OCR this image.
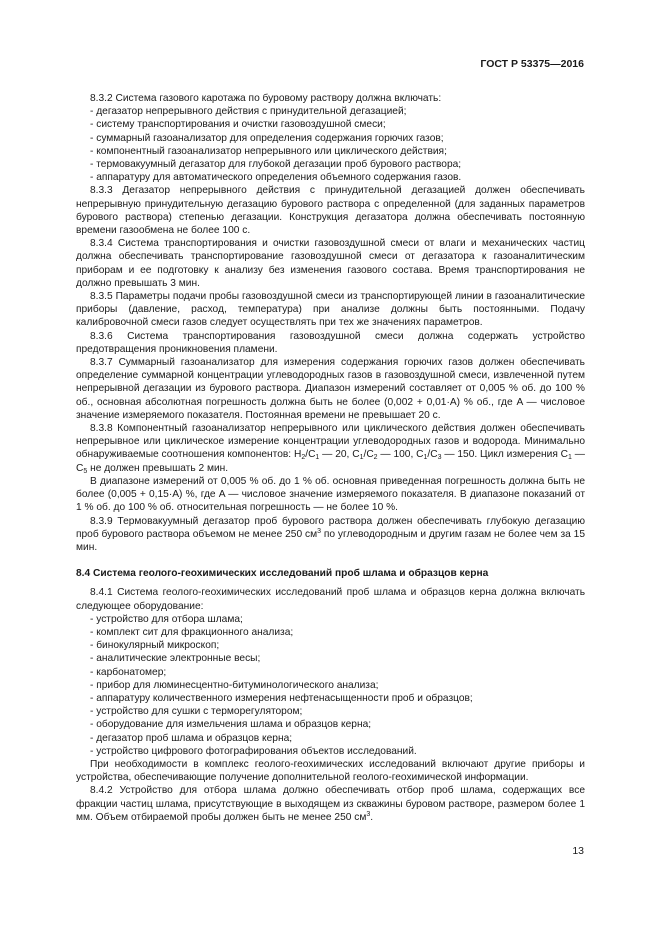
ГОСТ Р 53375—2016

8.3.2 Система газового каротажа по буровому раствору должна включать:

- дегазатор непрерывного действия с принудительной дегазацией;

- систему транспортирования и очистки газовоздушной смеси;

- суммарный газоанализатор для определения содержания горючих газов;

- компонентный газоанализатор непрерывного или циклического действия;

- термовакуумный дегазатор для глубокой дегазации проб бурового раствора;

- аппаратуру для автоматического определения объемного содержания газов.

8.3.3 Дегазатор непрерывного действия с принудительной дегазацией должен обеспечивать непрерывную принудительную дегазацию бурового раствора с определенной (для заданных параметров бурового раствора) степенью дегазации. Конструкция дегазатора должна обеспечивать постоянную времени газообмена не более 100 с.

8.3.4 Система транспортирования и очистки газовоздушной смеси от влаги и механических частиц должна обеспечивать транспортирование газовоздушной смеси от дегазатора к газоаналитическим приборам и ее подготовку к анализу без изменения газового состава. Время транспортирования не должно превышать 3 мин.

8.3.5 Параметры подачи пробы газовоздушной смеси из транспортирующей линии в газоаналитические приборы (давление, расход, температура) при анализе должны быть постоянными. Подачу калибровочной смеси газов следует осуществлять при тех же значениях параметров.

8.3.6 Система транспортирования газовоздушной смеси должна содержать устройство предотвращения проникновения пламени.

8.3.7 Суммарный газоанализатор для измерения содержания горючих газов должен обеспечивать определение суммарной концентрации углеводородных газов в газовоздушной смеси, извлеченной путем непрерывной дегазации из бурового раствора. Диапазон измерений составляет от 0,005 % об. до 100 % об., основная абсолютная погрешность должна быть не более (0,002 + 0,01·A) % об., где A — числовое значение измеряемого показателя. Постоянная времени не превышает 20 с.

8.3.8 Компонентный газоанализатор непрерывного или циклического действия должен обеспечивать непрерывное или циклическое измерение концентрации углеводородных газов и водорода. Минимально обнаруживаемые соотношения компонентов: $H_2/C_1$ — 20, $C_1/C_2$ — 100, $C_1/C_3$ — 150. Цикл измерения $C_1$ — $C_5$ не должен превышать 2 мин.

В диапазоне измерений от 0,005 % об. до 1 % об. основная приведенная погрешность должна быть не более (0,005 + 0,15·A) %, где A — числовое значение измеряемого показателя. В диапазоне показаний от 1 % об. до 100 % об. относительная погрешность — не более 10 %.

8.3.9 Термовакуумный дегазатор проб бурового раствора должен обеспечивать глубокую дегазацию проб бурового раствора объемом не менее 250 $см^3$ по углеводородным и другим газам не более чем за 15 мин.

8.4 Система геолого-геохимических исследований проб шлама и образцов керна

8.4.1 Система геолого-геохимических исследований проб шлама и образцов керна должна включать следующее оборудование:

- устройство для отбора шлама;

- комплект сит для фракционного анализа;

- бинокулярный микроскоп;

- аналитические электронные весы;

- карбонатомер;

- прибор для люминесцентно-битуминологического анализа;

- аппаратуру количественного измерения нефтенасыщенности проб и образцов;

- устройство для сушки с терморегулятором;

- оборудование для измельчения шлама и образцов керна;

- дегазатор проб шлама и образцов керна;

- устройство цифрового фотографирования объектов исследований.

При необходимости в комплекс геолого-геохимических исследований включают другие приборы и устройства, обеспечивающие получение дополнительной геолого-геохимической информации.

8.4.2 Устройство для отбора шлама должно обеспечивать отбор проб шлама, содержащих все фракции частиц шлама, присутствующие в выходящем из скважины буровом растворе, размером более 1 мм. Объем отбираемой пробы должен быть не менее 250 $см^3$.

13
